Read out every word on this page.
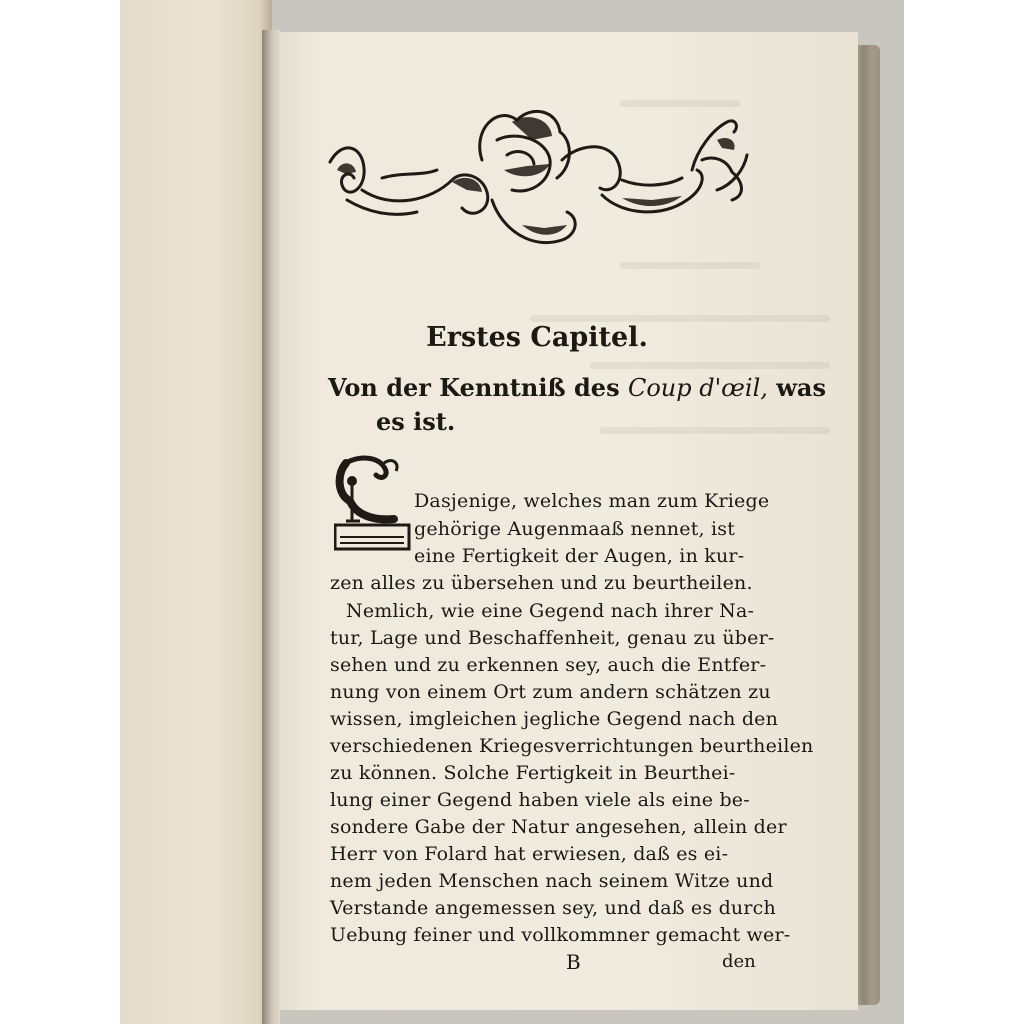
Erstes Capitel.
Von der Kenntniß des Coup d'œil, was
es ist.
Dasjenige, welches man zum Kriege
gehörige Augenmaaß nennet, ist
eine Fertigkeit der Augen, in kur-
zen alles zu übersehen und zu beurtheilen.
Nemlich, wie eine Gegend nach ihrer Na-
tur, Lage und Beschaffenheit, genau zu über-
sehen und zu erkennen sey, auch die Entfer-
nung von einem Ort zum andern schätzen zu
wissen, imgleichen jegliche Gegend nach den
verschiedenen Kriegesverrichtungen beurtheilen
zu können. Solche Fertigkeit in Beurthei-
lung einer Gegend haben viele als eine be-
sondere Gabe der Natur angesehen, allein der
Herr von Folard hat erwiesen, daß es ei-
nem jeden Menschen nach seinem Witze und
Verstande angemessen sey, und daß es durch
Uebung feiner und vollkommner gemacht wer-
B	den
